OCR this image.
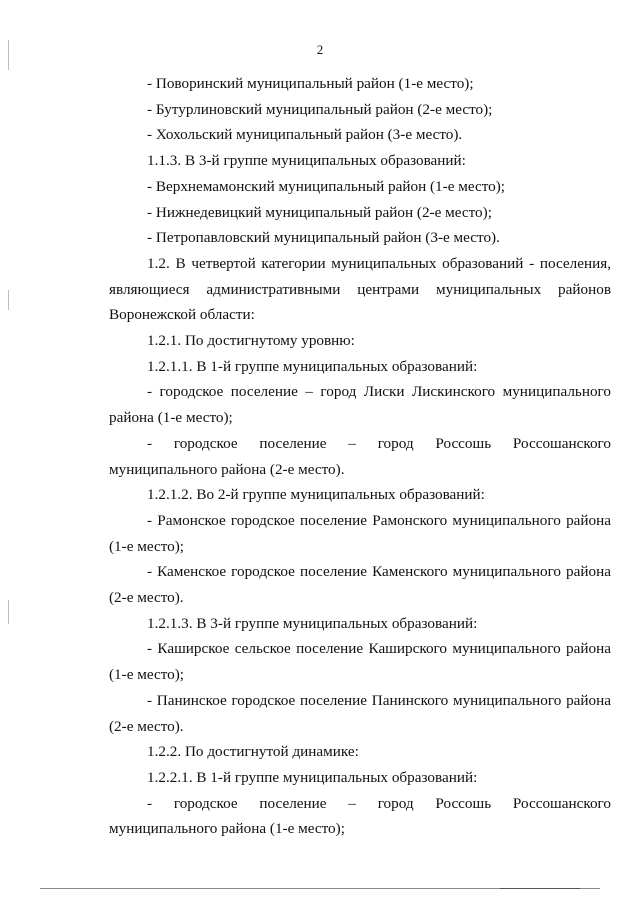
2

- Поворинский муниципальный район (1-е место);

- Бутурлиновский муниципальный район (2-е место);

- Хохольский муниципальный район (3-е место).

1.1.3. В 3-й группе муниципальных образований:

- Верхнемамонский муниципальный район (1-е место);

- Нижнедевицкий муниципальный район (2-е место);

- Петропавловский муниципальный район (3-е место).

1.2. В четвертой категории муниципальных образований - поселения, являющиеся административными центрами муниципальных районов Воронежской области:

1.2.1. По достигнутому уровню:

1.2.1.1. В 1-й группе муниципальных образований:

- городское поселение – город Лиски Лискинского муниципального района (1-е место);

- городское поселение – город Россошь Россошанского муниципального района (2-е место).

1.2.1.2. Во 2-й группе муниципальных образований:

- Рамонское городское поселение Рамонского муниципального района (1-е место);

- Каменское городское поселение Каменского муниципального района (2-е место).

1.2.1.3. В 3-й группе муниципальных образований:

- Каширское сельское поселение Каширского муниципального района (1-е место);

- Панинское городское поселение Панинского муниципального района (2-е место).

1.2.2. По достигнутой динамике:

1.2.2.1. В 1-й группе муниципальных образований:

- городское поселение – город Россошь Россошанского муниципального района (1-е место);
